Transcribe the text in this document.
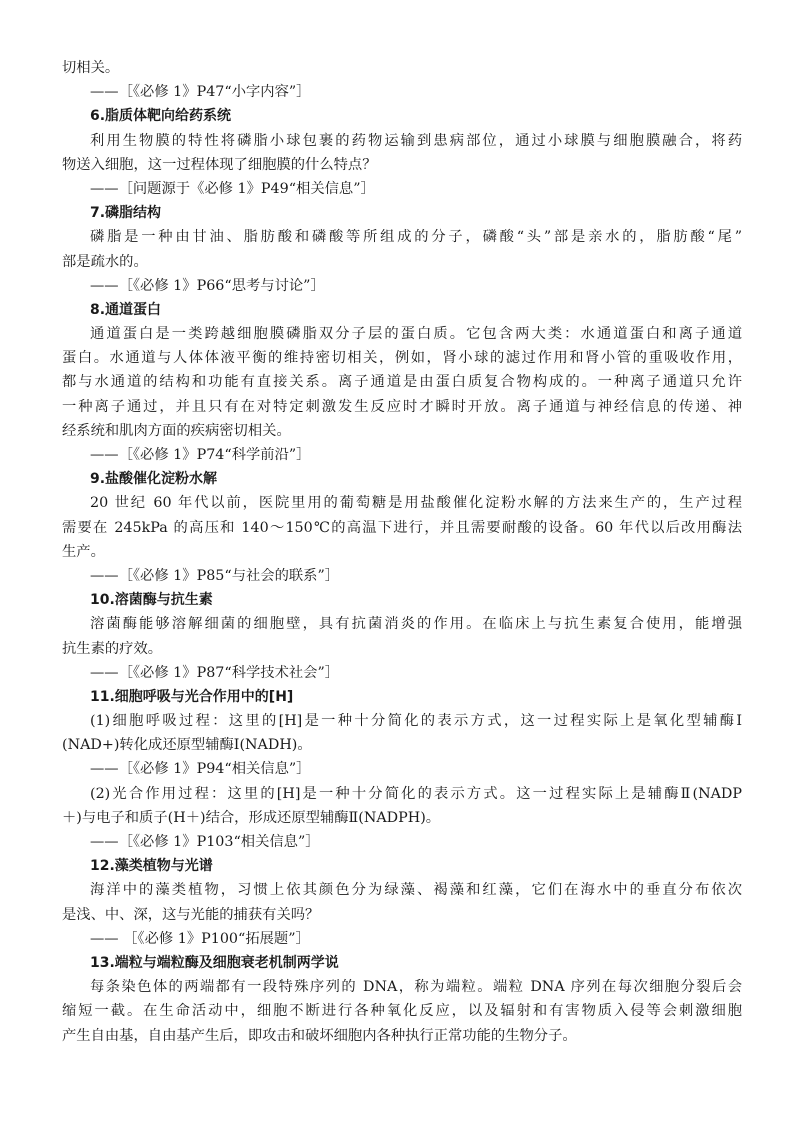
切相关。
——［《必修 1》P47“小字内容”］
6.脂质体靶向给药系统
利用生物膜的特性将磷脂小球包裹的药物运输到患病部位，通过小球膜与细胞膜融合，将药
物送入细胞，这一过程体现了细胞膜的什么特点？
——［问题源于《必修 1》P49“相关信息”］
7.磷脂结构
磷脂是一种由甘油、脂肪酸和磷酸等所组成的分子，磷酸“头”部是亲水的，脂肪酸“尾”
部是疏水的。
——［《必修 1》P66“思考与讨论”］
8.通道蛋白
通道蛋白是一类跨越细胞膜磷脂双分子层的蛋白质。它包含两大类：水通道蛋白和离子通道
蛋白。水通道与人体体液平衡的维持密切相关，例如，肾小球的滤过作用和肾小管的重吸收作用，
都与水通道的结构和功能有直接关系。离子通道是由蛋白质复合物构成的。一种离子通道只允许
一种离子通过，并且只有在对特定刺激发生反应时才瞬时开放。离子通道与神经信息的传递、神
经系统和肌肉方面的疾病密切相关。
——［《必修 1》P74“科学前沿”］
9.盐酸催化淀粉水解
20 世纪 60 年代以前，医院里用的葡萄糖是用盐酸催化淀粉水解的方法来生产的，生产过程
需要在 245kPa 的高压和 140～150℃的高温下进行，并且需要耐酸的设备。60 年代以后改用酶法
生产。
——［《必修 1》P85“与社会的联系”］
10.溶菌酶与抗生素
溶菌酶能够溶解细菌的细胞壁，具有抗菌消炎的作用。在临床上与抗生素复合使用，能增强
抗生素的疗效。
——［《必修 1》P87“科学技术社会”］
11.细胞呼吸与光合作用中的[H]
(1)细胞呼吸过程：这里的[H]是一种十分简化的表示方式，这一过程实际上是氧化型辅酶Ⅰ
(NAD+)转化成还原型辅酶Ⅰ(NADH)。
——［《必修 1》P94“相关信息”］
(2)光合作用过程：这里的[H]是一种十分简化的表示方式。这一过程实际上是辅酶Ⅱ(NADP
＋)与电子和质子(H＋)结合，形成还原型辅酶Ⅱ(NADPH)。
——［《必修 1》P103“相关信息”］
12.藻类植物与光谱
海洋中的藻类植物，习惯上依其颜色分为绿藻、褐藻和红藻，它们在海水中的垂直分布依次
是浅、中、深，这与光能的捕获有关吗？
—— ［《必修 1》P100“拓展题”］
13.端粒与端粒酶及细胞衰老机制两学说
每条染色体的两端都有一段特殊序列的 DNA，称为端粒。端粒 DNA 序列在每次细胞分裂后会
缩短一截。在生命活动中，细胞不断进行各种氧化反应，以及辐射和有害物质入侵等会刺激细胞
产生自由基，自由基产生后，即攻击和破坏细胞内各种执行正常功能的生物分子。
